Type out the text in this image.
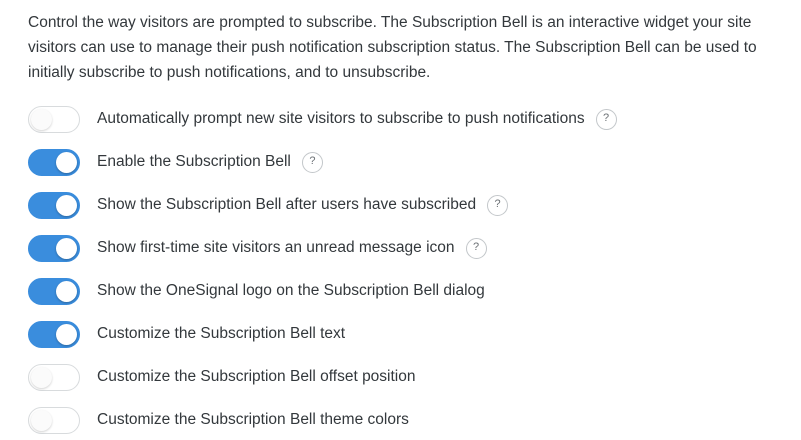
Control the way visitors are prompted to subscribe. The Subscription Bell is an interactive widget your site visitors can use to manage their push notification subscription status. The Subscription Bell can be used to initially subscribe to push notifications, and to unsubscribe.

Automatically prompt new site visitors to subscribe to push notifications	?
Enable the Subscription Bell	?
Show the Subscription Bell after users have subscribed	?
Show first-time site visitors an unread message icon	?
Show the OneSignal logo on the Subscription Bell dialog
Customize the Subscription Bell text
Customize the Subscription Bell offset position
Customize the Subscription Bell theme colors
